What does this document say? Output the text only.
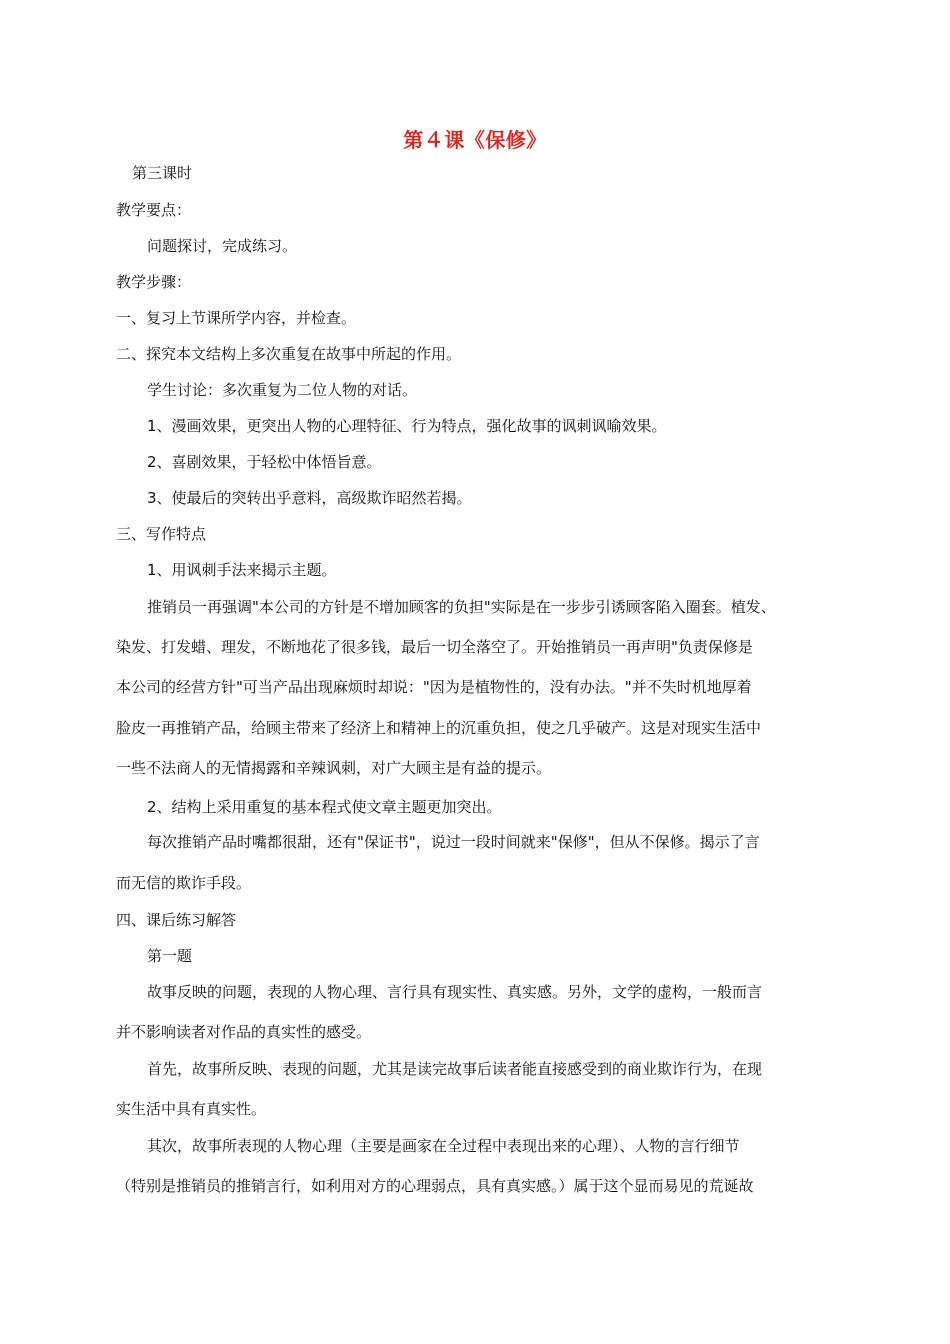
第４课《保修》
第三课时
教学要点：
问题探讨，完成练习。
教学步骤：
一、复习上节课所学内容，并检查。
二、探究本文结构上多次重复在故事中所起的作用。
学生讨论：多次重复为二位人物的对话。
1、漫画效果，更突出人物的心理特征、行为特点，强化故事的讽刺讽喻效果。
2、喜剧效果，于轻松中体悟旨意。
3、使最后的突转出乎意料，高级欺诈昭然若揭。
三、写作特点
1、用讽刺手法来揭示主题。
推销员一再强调"本公司的方针是不增加顾客的负担"实际是在一步步引诱顾客陷入圈套。植发、
染发、打发蜡、理发，不断地花了很多钱，最后一切全落空了。开始推销员一再声明"负责保修是
本公司的经营方针"可当产品出现麻烦时却说："因为是植物性的，没有办法。"并不失时机地厚着
脸皮一再推销产品，给顾主带来了经济上和精神上的沉重负担，使之几乎破产。这是对现实生活中
一些不法商人的无情揭露和辛辣讽刺，对广大顾主是有益的提示。
2、结构上采用重复的基本程式使文章主题更加突出。
每次推销产品时嘴都很甜，还有"保证书"，说过一段时间就来"保修"，但从不保修。揭示了言
而无信的欺诈手段。
四、课后练习解答
第一题
故事反映的问题，表现的人物心理、言行具有现实性、真实感。另外，文学的虚构，一般而言
并不影响读者对作品的真实性的感受。
首先，故事所反映、表现的问题，尤其是读完故事后读者能直接感受到的商业欺诈行为，在现
实生活中具有真实性。
其次，故事所表现的人物心理（主要是画家在全过程中表现出来的心理）、人物的言行细节
（特别是推销员的推销言行，如利用对方的心理弱点，具有真实感。）属于这个显而易见的荒诞故
